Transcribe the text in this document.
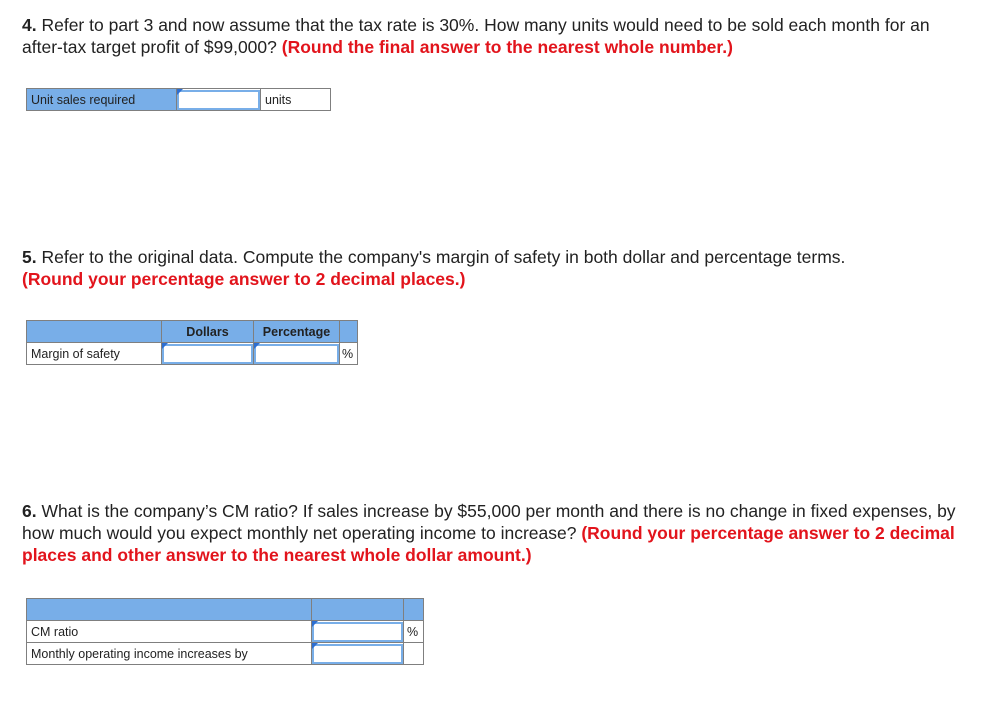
4. Refer to part 3 and now assume that the tax rate is 30%. How many units would need to be sold each month for an after-tax target profit of $99,000? (Round the final answer to the nearest whole number.)
Unit sales required		units
5. Refer to the original data. Compute the company's margin of safety in both dollar and percentage terms.
(Round your percentage answer to 2 decimal places.)
	Dollars	Percentage	
Margin of safety			%
6. What is the company’s CM ratio? If sales increase by $55,000 per month and there is no change in fixed expenses, by how much would you expect monthly net operating income to increase? (Round your percentage answer to 2 decimal places and other answer to the nearest whole dollar amount.)

CM ratio		%
Monthly operating income increases by	
